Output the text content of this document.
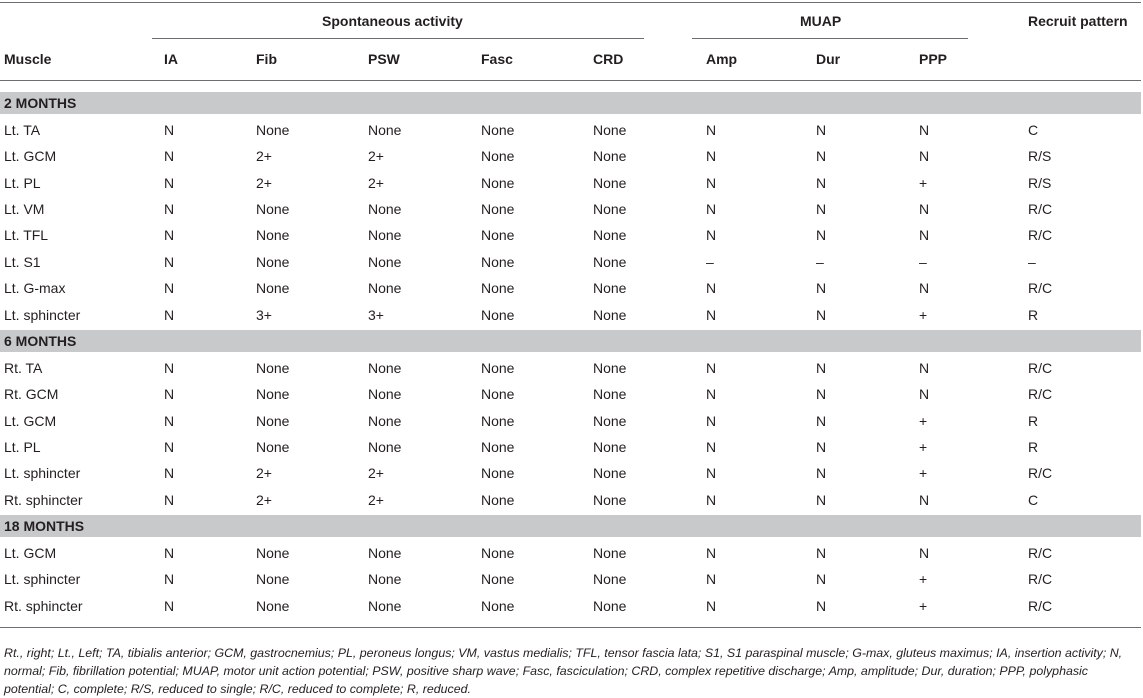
Spontaneous activity	MUAP	Recruit pattern
Muscle	IA	Fib	PSW	Fasc	CRD	Amp	Dur	PPP
2 MONTHS
Lt. TA	N	None	None	None	None	N	N	N	C
Lt. GCM	N	2+	2+	None	None	N	N	N	R/S
Lt. PL	N	2+	2+	None	None	N	N	+	R/S
Lt. VM	N	None	None	None	None	N	N	N	R/C
Lt. TFL	N	None	None	None	None	N	N	N	R/C
Lt. S1	N	None	None	None	None	–	–	–	–
Lt. G-max	N	None	None	None	None	N	N	N	R/C
Lt. sphincter	N	3+	3+	None	None	N	N	+	R
6 MONTHS
Rt. TA	N	None	None	None	None	N	N	N	R/C
Rt. GCM	N	None	None	None	None	N	N	N	R/C
Lt. GCM	N	None	None	None	None	N	N	+	R
Lt. PL	N	None	None	None	None	N	N	+	R
Lt. sphincter	N	2+	2+	None	None	N	N	+	R/C
Rt. sphincter	N	2+	2+	None	None	N	N	N	C
18 MONTHS
Lt. GCM	N	None	None	None	None	N	N	N	R/C
Lt. sphincter	N	None	None	None	None	N	N	+	R/C
Rt. sphincter	N	None	None	None	None	N	N	+	R/C
Rt., right; Lt., Left; TA, tibialis anterior; GCM, gastrocnemius; PL, peroneus longus; VM, vastus medialis; TFL, tensor fascia lata; S1, S1 paraspinal muscle; G-max, gluteus maximus; IA, insertion activity; N, normal; Fib, fibrillation potential; MUAP, motor unit action potential; PSW, positive sharp wave; Fasc, fasciculation; CRD, complex repetitive discharge; Amp, amplitude; Dur, duration; PPP, polyphasic potential; C, complete; R/S, reduced to single; R/C, reduced to complete; R, reduced.
